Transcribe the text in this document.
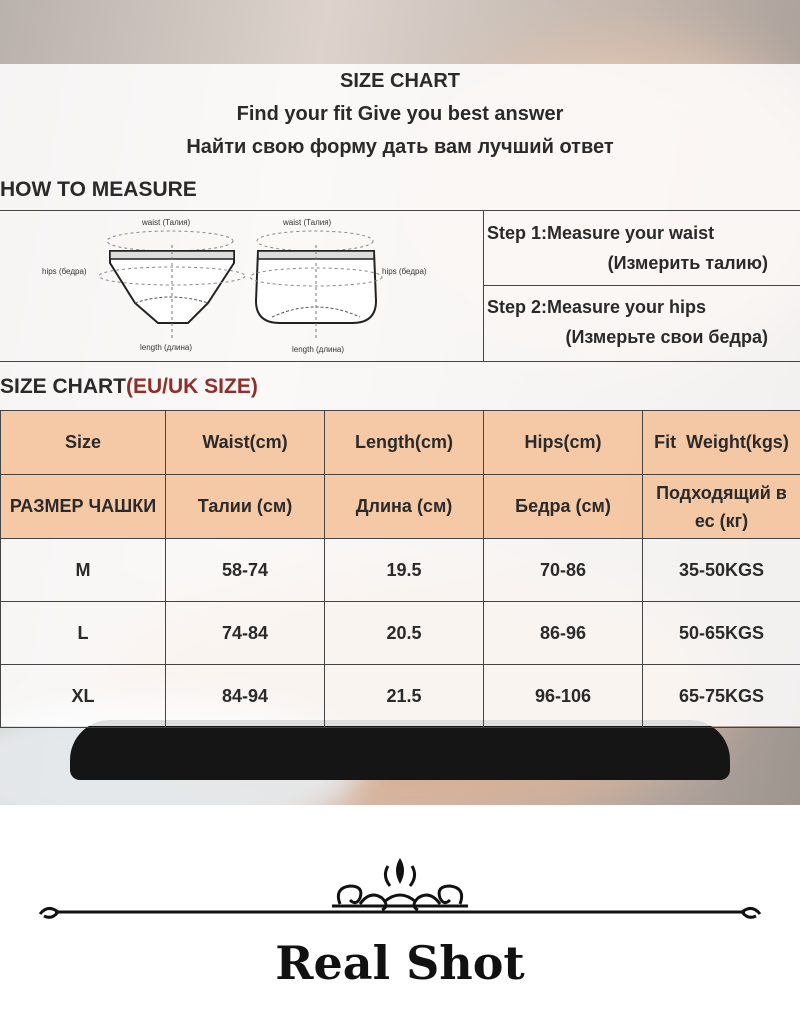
SIZE CHART
Find your fit Give you best answer
Найти свою форму дать вам лучший ответ
HOW TO MEASURE
waist (Талия)	waist (Талия)
hips (бедра)	hips (бедра)
length (длина)	length (длина)
Step 1:Measure your waist
(Измерить талию)
Step 2:Measure your hips
(Измерьте свои бедра)
SIZE CHART(EU/UK SIZE)
Size	Waist(cm)	Length(cm)	Hips(cm)	Fit  Weight(kgs)
РАЗМЕР ЧАШКИ	Талии (см)	Длина (см)	Бедра (см)	Подходящий в ес (кг)
M	58-74	19.5	70-86	35-50KGS
L	74-84	20.5	86-96	50-65KGS
XL	84-94	21.5	96-106	65-75KGS
Real Shot
